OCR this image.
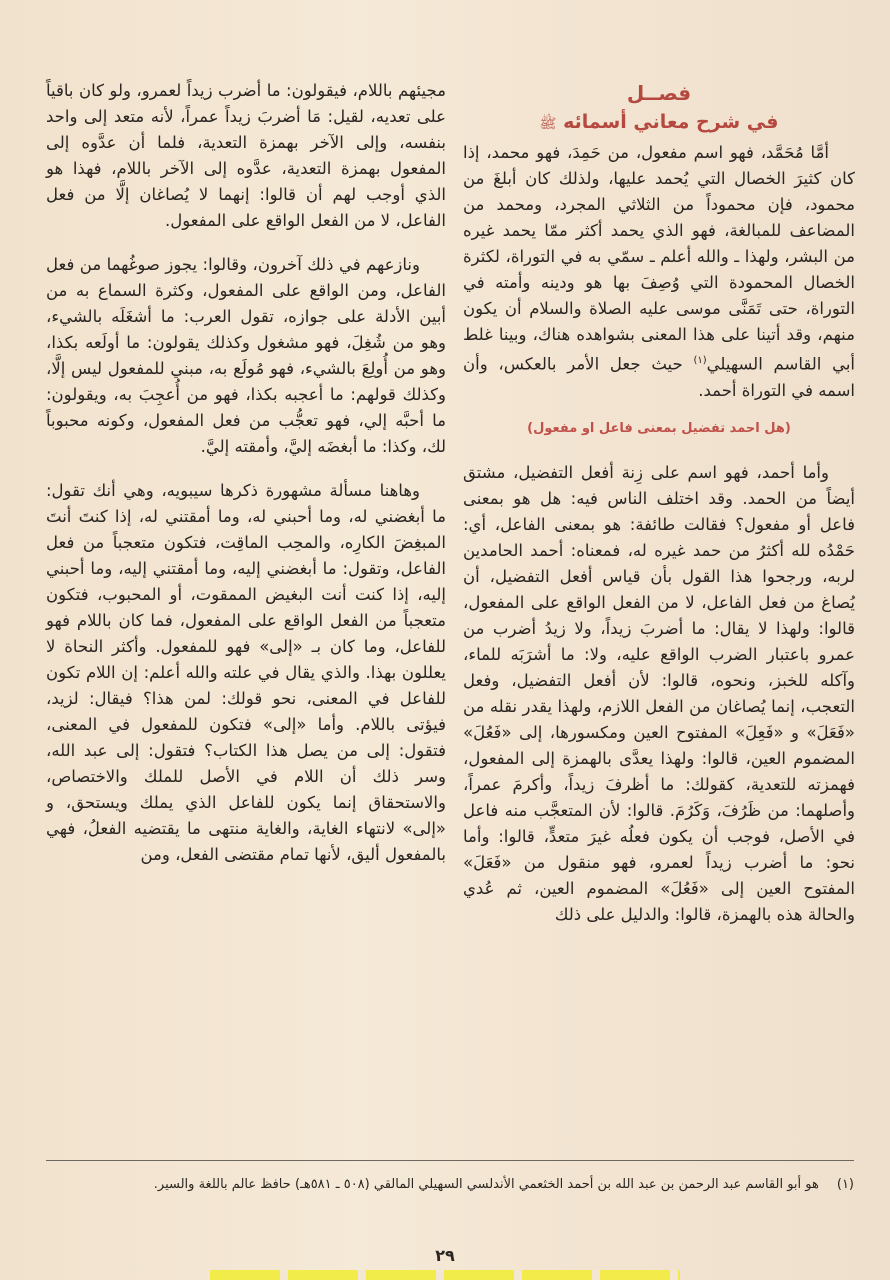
فصــل
في شرح معاني أسمائه ﷺ

أمَّا مُحَمَّد، فهو اسم مفعول، من حَمِدَ، فهو محمد، إذا كان كثيرَ الخصال التي يُحمد عليها، ولذلك كان أبلغَ من محمود، فإن محموداً من الثلاثي المجرد، ومحمد من المضاعف للمبالغة، فهو الذي يحمد أكثر ممّا يحمد غيره من البشر، ولهذا ـ والله أعلم ـ سمّي به في التوراة، لكثرة الخصال المحمودة التي وُصِفَ بها هو ودينه وأمته في التوراة، حتى تَمَنَّى موسى عليه الصلاة والسلام أن يكون منهم، وقد أتينا على هذا المعنى بشواهده هناك، وبينا غلط أبي القاسم السهيلي$^{(١)}$ حيث جعل الأمر بالعكس، وأن اسمه في التوراة أحمد.

(هل احمد تفضيل بمعنى فاعل او مفعول)

وأما أحمد، فهو اسم على زِنة أفعل التفضيل، مشتق أيضاً من الحمد. وقد اختلف الناس فيه: هل هو بمعنى فاعل أو مفعول؟ فقالت طائفة: هو بمعنى الفاعل، أي: حَمْدُه لله أكثرُ من حمد غيره له، فمعناه: أحمد الحامدين لربه، ورجحوا هذا القول بأن قياس أفعل التفضيل، أن يُصاغ من فعل الفاعل، لا من الفعل الواقع على المفعول، قالوا: ولهذا لا يقال: ما أضربَ زيداً، ولا زيدُ أضرب من عمرو باعتبار الضرب الواقع عليه، ولا: ما أشرَبَه للماء، وآكله للخبز، ونحوه، قالوا: لأن أفعل التفضيل، وفعل التعجب، إنما يُصاغان من الفعل اللازم، ولهذا يقدر نقله من «فَعَلَ» و «فَعِلَ» المفتوح العين ومكسورها، إلى «فَعُلَ» المضموم العين، قالوا: ولهذا يعدَّى بالهمزة إلى المفعول، فهمزته للتعدية، كقولك: ما أظرفَ زيداً، وأكرمَ عمراً، وأصلهما: من ظَرُفَ، وَكَرُمَ. قالوا: لأن المتعجَّب منه فاعل في الأصل، فوجب أن يكون فعلُه غيرَ متعدٍّ، قالوا: وأما نحو: ما أضرب زيداً لعمرو، فهو منقول من «فَعَلَ» المفتوح العين إلى «فَعُلَ» المضموم العين، ثم عُدي والحالة هذه بالهمزة، قالوا: والدليل على ذلك

مجيئهم باللام، فيقولون: ما أضرب زيداً لعمرو، ولو كان باقياً على تعديه، لقيل: مَا أضربَ زيداً عمراً، لأنه متعد إلى واحد بنفسه، وإلى الآخر بهمزة التعدية، فلما أن عدَّوه إلى المفعول بهمزة التعدية، عدَّوه إلى الآخر باللام، فهذا هو الذي أوجب لهم أن قالوا: إنهما لا يُصاغان إلَّا من فعل الفاعل، لا من الفعل الواقع على المفعول.

ونازعهم في ذلك آخرون، وقالوا: يجوز صوغُهما من فعل الفاعل، ومن الواقع على المفعول، وكثرة السماع به من أبين الأدلة على جوازه، تقول العرب: ما أشغَلَه بالشيء، وهو من شُغِلَ، فهو مشغول وكذلك يقولون: ما أولَعه بكذا، وهو من أُولِعَ بالشيء، فهو مُولَع به، مبني للمفعول ليس إلَّا، وكذلك قولهم: ما أعجبه بكذا، فهو من أُعجِبَ به، ويقولون: ما أحبَّه إلي، فهو تعجُّب من فعل المفعول، وكونه محبوباً لك، وكذا: ما أبغضَه إليَّ، وأمقته إليَّ.

وهاهنا مسألة مشهورة ذكرها سيبويه، وهي أنك تقول: ما أبغضني له، وما أحبني له، وما أمقتني له، إذا كنتَ أنتَ المبغِضَ الكارِه، والمحِب الماقِت، فتكون متعجباً من فعل الفاعل، وتقول: ما أبغضني إليه، وما أمقتني إليه، وما أحبني إليه، إذا كنت أنت البغيض الممقوت، أو المحبوب، فتكون متعجباً من الفعل الواقع على المفعول، فما كان باللام فهو للفاعل، وما كان بـ «إلى» فهو للمفعول. وأكثر النحاة لا يعللون بهذا. والذي يقال في علته والله أعلم: إن اللام تكون للفاعل في المعنى، نحو قولك: لمن هذا؟ فيقال: لزيد، فيؤتى باللام. وأما «إلى» فتكون للمفعول في المعنى، فتقول: إلى من يصل هذا الكتاب؟ فتقول: إلى عبد الله، وسر ذلك أن اللام في الأصل للملك والاختصاص، والاستحقاق إنما يكون للفاعل الذي يملك ويستحق، و «إلى» لانتهاء الغاية، والغاية منتهى ما يقتضيه الفعلُ، فهي بالمفعول أليق، لأنها تمام مقتضى الفعل، ومن

(١)هو أبو القاسم عبد الرحمن بن عبد الله بن أحمد الخثعمي الأندلسي السهيلي المالقي (٥٠٨ ـ ٥٨١هـ) حافظ عالم باللغة والسير.
٢٩
